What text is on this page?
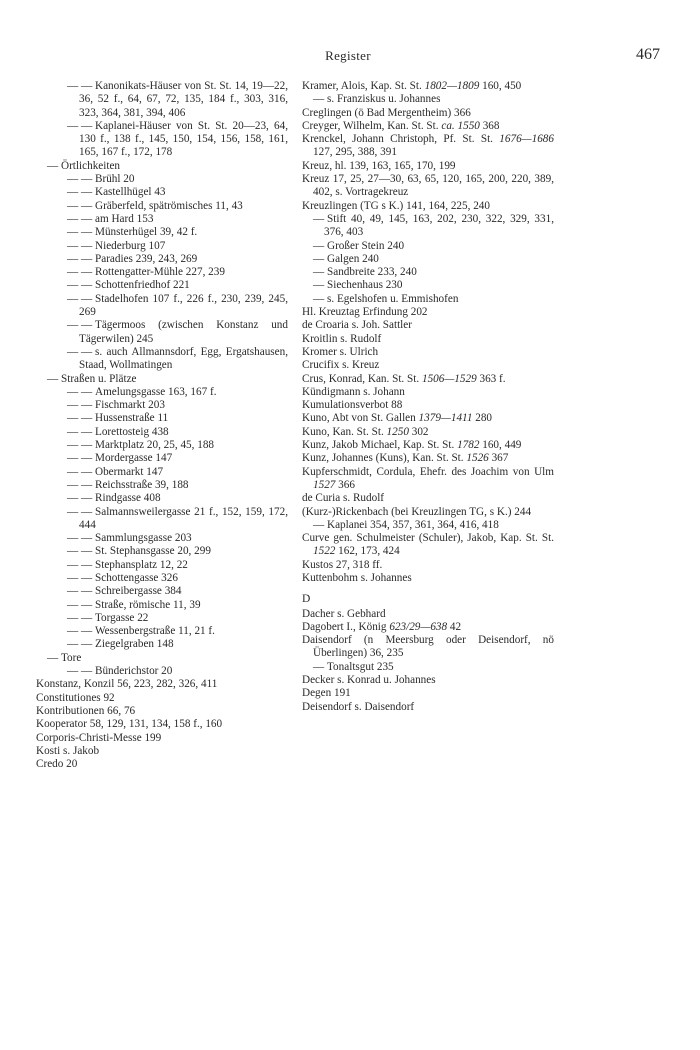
Register	467
— — Kanonikats-Häuser von St. St. 14, 19—22, 36, 52 f., 64, 67, 72, 135, 184 f., 303, 316, 323, 364, 381, 394, 406
— — Kaplanei-Häuser von St. St. 20—23, 64, 130 f., 138 f., 145, 150, 154, 156, 158, 161, 165, 167 f., 172, 178
— Örtlichkeiten
— — Brühl 20
— — Kastellhügel 43
— — Gräberfeld, spätrömisches 11, 43
— — am Hard 153
— — Münsterhügel 39, 42 f.
— — Niederburg 107
— — Paradies 239, 243, 269
— — Rottengatter-Mühle 227, 239
— — Schottenfriedhof 221
— — Stadelhofen 107 f., 226 f., 230, 239, 245, 269
— — Tägermoos (zwischen Konstanz und Tägerwilen) 245
— — s. auch Allmannsdorf, Egg, Ergatshausen, Staad, Wollmatingen
— Straßen u. Plätze
— — Amelungsgasse 163, 167 f.
— — Fischmarkt 203
— — Hussenstraße 11
— — Lorettosteig 438
— — Marktplatz 20, 25, 45, 188
— — Mordergasse 147
— — Obermarkt 147
— — Reichsstraße 39, 188
— — Rindgasse 408
— — Salmannsweilergasse 21 f., 152, 159, 172, 444
— — Sammlungsgasse 203
— — St. Stephansgasse 20, 299
— — Stephansplatz 12, 22
— — Schottengasse 326
— — Schreibergasse 384
— — Straße, römische 11, 39
— — Torgasse 22
— — Wessenbergstraße 11, 21 f.
— — Ziegelgraben 148
— Tore
— — Bünderichstor 20
Konstanz, Konzil 56, 223, 282, 326, 411
Constitutiones 92
Kontributionen 66, 76
Kooperator 58, 129, 131, 134, 158 f., 160
Corporis-Christi-Messe 199
Kosti s. Jakob
Credo 20
Kramer, Alois, Kap. St. St. 1802—1809 160, 450
— s. Franziskus u. Johannes
Creglingen (ö Bad Mergentheim) 366
Creyger, Wilhelm, Kan. St. St. ca. 1550 368
Krenckel, Johann Christoph, Pf. St. St. 1676—1686 127, 295, 388, 391
Kreuz, hl. 139, 163, 165, 170, 199
Kreuz 17, 25, 27—30, 63, 65, 120, 165, 200, 220, 389, 402, s. Vortragekreuz
Kreuzlingen (TG s K.) 141, 164, 225, 240
— Stift 40, 49, 145, 163, 202, 230, 322, 329, 331, 376, 403
— Großer Stein 240
— Galgen 240
— Sandbreite 233, 240
— Siechenhaus 230
— s. Egelshofen u. Emmishofen
Hl. Kreuztag Erfindung 202
de Croaria s. Joh. Sattler
Kroitlin s. Rudolf
Kromer s. Ulrich
Crucifix s. Kreuz
Crus, Konrad, Kan. St. St. 1506—1529 363 f.
Kündigmann s. Johann
Kumulationsverbot 88
Kuno, Abt von St. Gallen 1379—1411 280
Kuno, Kan. St. St. 1250 302
Kunz, Jakob Michael, Kap. St. St. 1782 160, 449
Kunz, Johannes (Kuns), Kan. St. St. 1526 367
Kupferschmidt, Cordula, Ehefr. des Joachim von Ulm 1527 366
de Curia s. Rudolf
(Kurz-)Rickenbach (bei Kreuzlingen TG, s K.) 244
— Kaplanei 354, 357, 361, 364, 416, 418
Curve gen. Schulmeister (Schuler), Jakob, Kap. St. St. 1522 162, 173, 424
Kustos 27, 318 ff.
Kuttenbohm s. Johannes
D
Dacher s. Gebhard
Dagobert I., König 623/29—638 42
Daisendorf (n Meersburg oder Deisendorf, nö Überlingen) 36, 235
— Tonaltsgut 235
Decker s. Konrad u. Johannes
Degen 191
Deisendorf s. Daisendorf
